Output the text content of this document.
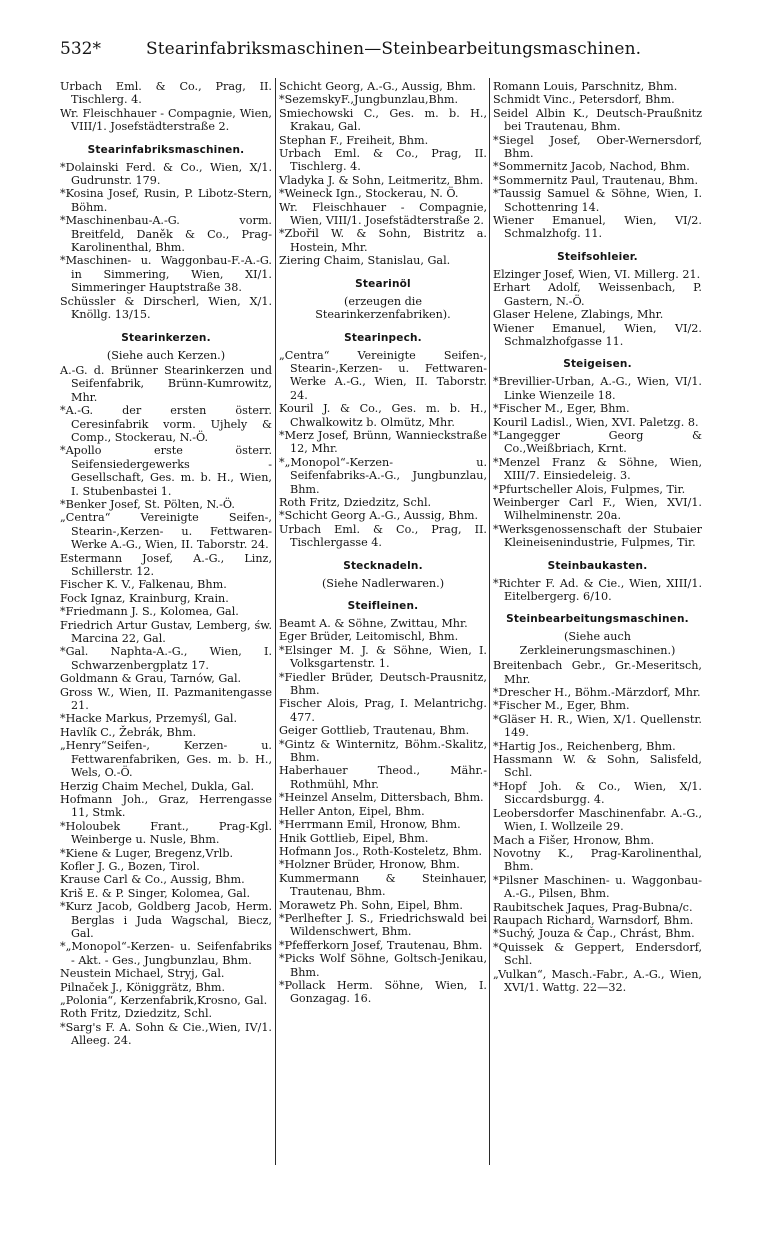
532*	Stearinfabriksmaschinen—Steinbearbeitungsmaschinen.

Urbach Eml. & Co., Prag, II. Tischlerg. 4.

Wr. Fleischhauer - Compagnie, Wien, VIII/1. Josefstädterstraße 2.

Stearinfabriksmaschinen.

*Dolainski Ferd. & Co., Wien, X/1. Gudrunstr. 179.

*Kosina Josef, Rusin, P. Libotz-Stern, Böhm.

*Maschinenbau-A.-G. vorm. Breitfeld, Daněk & Co., Prag-Karolinenthal, Bhm.

*Maschinen- u. Waggonbau-F.-A.-G. in Simmering, Wien, XI/1. Simmeringer Hauptstraße 38.

Schüssler & Dirscherl, Wien, X/1. Knöllg. 13/15.

Stearinkerzen.
(Siehe auch Kerzen.)

A.-G. d. Brünner Stearinkerzen und Seifenfabrik, Brünn-Kumrowitz, Mhr.

*A.-G. der ersten österr. Ceresinfabrik vorm. Ujhely & Comp., Stockerau, N.-Ö.

*Apollo erste österr. Seifensiedergewerks - Gesellschaft, Ges. m. b. H., Wien, I. Stubenbastei 1.

*Benker Josef, St. Pölten, N.-Ö.

„Centra“ Vereinigte Seifen-, Stearin-,Kerzen- u. Fettwaren-Werke A.-G., Wien, II. Taborstr. 24.

Estermann Josef, A.-G., Linz, Schillerstr. 12.

Fischer K. V., Falkenau, Bhm.

Fock Ignaz, Krainburg, Krain.

*Friedmann J. S., Kolomea, Gal.

Friedrich Artur Gustav, Lemberg, św. Marcina 22, Gal.

*Gal. Naphta-A.-G., Wien, I. Schwarzenbergplatz 17.

Goldmann & Grau, Tarnów, Gal.

Gross W., Wien, II. Pazmanitengasse 21.

*Hacke Markus, Przemyśl, Gal.

Havlík C., Žebrák, Bhm.

„Henry“Seifen-, Kerzen- u. Fettwarenfabriken, Ges. m. b. H., Wels, O.-Ö.

Herzig Chaim Mechel, Dukla, Gal.

Hofmann Joh., Graz, Herrengasse 11, Stmk.

*Holoubek Frant., Prag-Kgl. Weinberge u. Nusle, Bhm.

*Kiene & Luger, Bregenz,Vrlb.

Kofler J. G., Bozen, Tirol.

Krause Carl & Co., Aussig, Bhm.

Kriš E. & P. Singer, Kolomea, Gal.

*Kurz Jacob, Goldberg Jacob, Herm. Berglas i Juda Wagschal, Biecz, Gal.

*„Monopol“-Kerzen- u. Seifenfabriks - Akt. - Ges., Jungbunzlau, Bhm.

Neustein Michael, Stryj, Gal.

Pilnaček J., Königgrätz, Bhm.

„Polonia“, Kerzenfabrik,Krosno, Gal.

Roth Fritz, Dziedzitz, Schl.

*Sarg's F. A. Sohn & Cie.,Wien, IV/1. Alleeg. 24.

Schicht Georg, A.-G., Aussig, Bhm.

*SezemskyF.,Jungbunzlau,Bhm.

Smiechowski C., Ges. m. b. H., Krakau, Gal.

Stephan F., Freiheit, Bhm.

Urbach Eml. & Co., Prag, II. Tischlerg. 4.

Vladyka J. & Sohn, Leitmeritz, Bhm.

*Weineck Ign., Stockerau, N. Ö.

Wr. Fleischhauer - Compagnie, Wien, VIII/1. Josefstädterstraße 2.

*Zbořil W. & Sohn, Bistritz a. Hostein, Mhr.

Ziering Chaim, Stanislau, Gal.

Stearinöl
(erzeugen die Stearinkerzenfabriken).
Stearinpech.

„Centra“ Vereinigte Seifen-, Stearin-,Kerzen- u. Fettwaren-Werke A.-G., Wien, II. Taborstr. 24.

Kouril J. & Co., Ges. m. b. H., Chwalkowitz b. Olmütz, Mhr.

*Merz Josef, Brünn, Wannieckstraße 12, Mhr.

*„Monopol“-Kerzen- u. Seifenfabriks-A.-G., Jungbunzlau, Bhm.

Roth Fritz, Dziedzitz, Schl.

*Schicht Georg A.-G., Aussig, Bhm.

Urbach Eml. & Co., Prag, II. Tischlergasse 4.

Stecknadeln.
(Siehe Nadlerwaren.)
Steifleinen.

Beamt A. & Söhne, Zwittau, Mhr.

Eger Brüder, Leitomischl, Bhm.

*Elsinger M. J. & Söhne, Wien, I. Volksgartenstr. 1.

*Fiedler Brüder, Deutsch-Prausnitz, Bhm.

Fischer Alois, Prag, I. Melantrichg. 477.

Geiger Gottlieb, Trautenau, Bhm.

*Gintz & Winternitz, Böhm.-Skalitz, Bhm.

Haberhauer Theod., Mähr.-Rothmühl, Mhr.

*Heinzel Anselm, Dittersbach, Bhm.

Heller Anton, Eipel, Bhm.

*Herrmann Emil, Hronow, Bhm.

Hnik Gottlieb, Eipel, Bhm.

Hofmann Jos., Roth-Kosteletz, Bhm.

*Holzner Brüder, Hronow, Bhm.

Kummermann & Steinhauer, Trautenau, Bhm.

Morawetz Ph. Sohn, Eipel, Bhm.

*Perlhefter J. S., Friedrichswald bei Wildenschwert, Bhm.

*Pfefferkorn Josef, Trautenau, Bhm.

*Picks Wolf Söhne, Goltsch-Jenikau, Bhm.

*Pollack Herm. Söhne, Wien, I. Gonzagag. 16.

Romann Louis, Parschnitz, Bhm.

Schmidt Vinc., Petersdorf, Bhm.

Seidel Albin K., Deutsch-Praußnitz bei Trautenau, Bhm.

*Siegel Josef, Ober-Wernersdorf, Bhm.

*Sommernitz Jacob, Nachod, Bhm.

*Sommernitz Paul, Trautenau, Bhm.

*Taussig Samuel & Söhne, Wien, I. Schottenring 14.

Wiener Emanuel, Wien, VI/2. Schmalzhofg. 11.

Steifsohleier.

Elzinger Josef, Wien, VI. Millerg. 21.

Erhart Adolf, Weissenbach, P. Gastern, N.-Ö.

Glaser Helene, Zlabings, Mhr.

Wiener Emanuel, Wien, VI/2. Schmalzhofgasse 11.

Steigeisen.

*Brevillier-Urban, A.-G., Wien, VI/1. Linke Wienzeile 18.

*Fischer M., Eger, Bhm.

Kouril Ladisl., Wien, XVI. Paletzg. 8.

*Langegger Georg & Co.,Weißbriach, Krnt.

*Menzel Franz & Söhne, Wien, XIII/7. Einsiedeleig. 3.

*Pfurtscheller Alois, Fulpmes, Tir.

Weinberger Carl F., Wien, XVI/1. Wilhelminenstr. 20a.

*Werksgenossenschaft der Stubaier Kleineisenindustrie, Fulpmes, Tir.

Steinbaukasten.

*Richter F. Ad. & Cie., Wien, XIII/1. Eitelbergerg. 6/10.

Steinbearbeitungsmaschinen.
(Siehe auch Zerkleinerungsmaschinen.)

Breitenbach Gebr., Gr.-Meseritsch, Mhr.

*Drescher H., Böhm.-Märzdorf, Mhr.

*Fischer M., Eger, Bhm.

*Gläser H. R., Wien, X/1. Quellenstr. 149.

*Hartig Jos., Reichenberg, Bhm.

Hassmann W. & Sohn, Salisfeld, Schl.

*Hopf Joh. & Co., Wien, X/1. Siccardsburgg. 4.

Leobersdorfer Maschinenfabr. A.-G., Wien, I. Wollzeile 29.

Mach a Fišer, Hronow, Bhm.

Novotny K., Prag-Karolinenthal, Bhm.

*Pilsner Maschinen- u. Waggonbau-A.-G., Pilsen, Bhm.

Raubitschek Jaques, Prag-Bubna/c.

Raupach Richard, Warnsdorf, Bhm.

*Suchý, Jouza & Čap., Chrást, Bhm.

*Quissek & Geppert, Endersdorf, Schl.

„Vulkan“, Masch.-Fabr., A.-G., Wien, XVI/1. Wattg. 22—32.
